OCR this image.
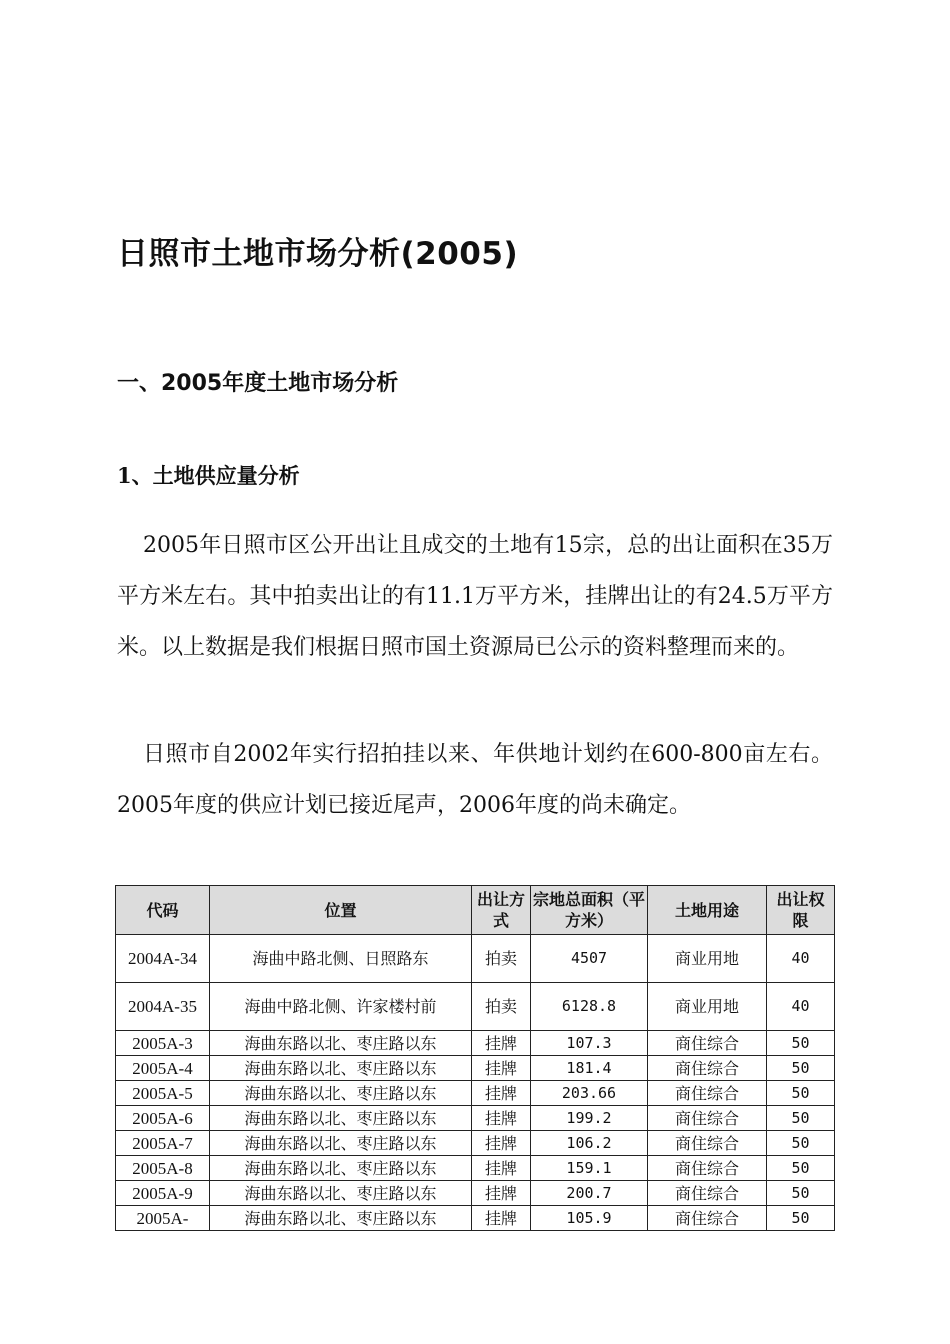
日照市土地市场分析(2005)
一、2005年度土地市场分析
1、土地供应量分析

2005年日照市区公开出让且成交的土地有15宗，总的出让面积在35万平方米左右。其中拍卖出让的有11.1万平方米，挂牌出让的有24.5万平方米。以上数据是我们根据日照市国土资源局已公示的资料整理而来的。

日照市自2002年实行招拍挂以来、年供地计划约在600-800亩左右。2005年度的供应计划已接近尾声，2006年度的尚未确定。

代码	位置	出让方式	宗地总面积（平方米）	土地用途	出让权限
2004A-34	海曲中路北侧、日照路东	拍卖	4507	商业用地	40
2004A-35	海曲中路北侧、许家楼村前	拍卖	6128.8	商业用地	40
2005A-3	海曲东路以北、枣庄路以东	挂牌	107.3	商住综合	50
2005A-4	海曲东路以北、枣庄路以东	挂牌	181.4	商住综合	50
2005A-5	海曲东路以北、枣庄路以东	挂牌	203.66	商住综合	50
2005A-6	海曲东路以北、枣庄路以东	挂牌	199.2	商住综合	50
2005A-7	海曲东路以北、枣庄路以东	挂牌	106.2	商住综合	50
2005A-8	海曲东路以北、枣庄路以东	挂牌	159.1	商住综合	50
2005A-9	海曲东路以北、枣庄路以东	挂牌	200.7	商住综合	50
2005A-	海曲东路以北、枣庄路以东	挂牌	105.9	商住综合	50
